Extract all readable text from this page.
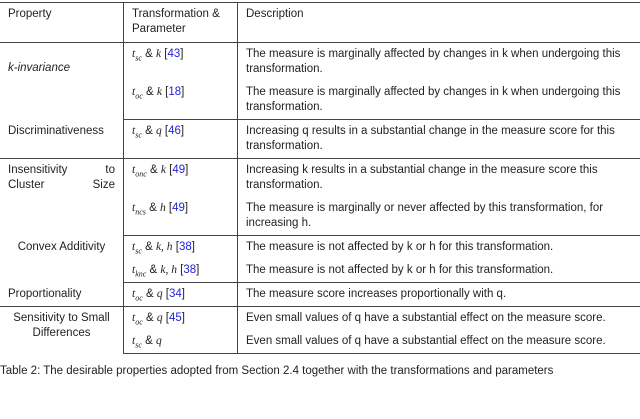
Property	Transformation & Parameter	Description
k-invariance	$t_{sc}$ & k [43]	The measure is marginally affected by changes in k when undergoing this transformation.
	$t_{oc}$ & k [18]	The measure is marginally affected by changes in k when undergoing this transformation.
Discriminativeness	$t_{sc}$ & q [46]	Increasing q results in a substantial change in the measure score for this transformation.
Insensitivity to Cluster Size	$t_{onc}$ & k [49]	Increasing k results in a substantial change in the measure score this transformation.
	$t_{ncs}$ & h [49]	The measure is marginally or never affected by this transformation, for increasing h.
Convex Additivity	$t_{sc}$ & k, h [38]	The measure is not affected by k or h for this transformation.
	$t_{knc}$ & k, h [38]	The measure is not affected by k or h for this transformation.
Proportionality	$t_{oc}$ & q [34]	The measure score increases proportionally with q.
Sensitivity to Small Differences	$t_{oc}$ & q [45]	Even small values of q have a substantial effect on the measure score.
	$t_{sc}$ & q	Even small values of q have a substantial effect on the measure score.
Table 2: The desirable properties adopted from Section 2.4 together with the transformations and parameters
